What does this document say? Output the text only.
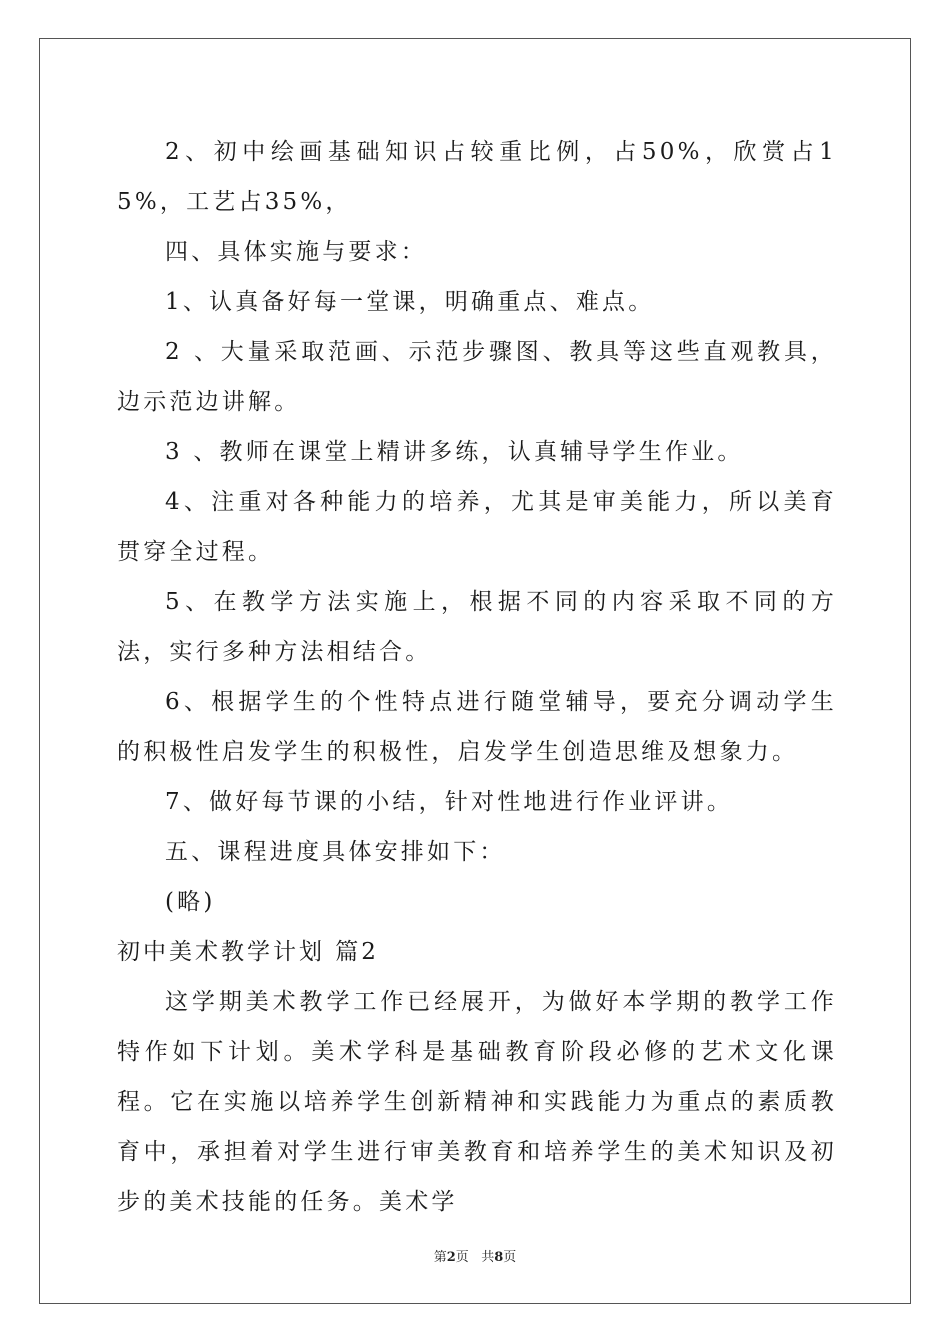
2、初中绘画基础知识占较重比例，占50%，欣赏占15%，工艺占35%，

四、具体实施与要求：

1、认真备好每一堂课，明确重点、难点。

2 、大量采取范画、示范步骤图、教具等这些直观教具，边示范边讲解。

3 、教师在课堂上精讲多练，认真辅导学生作业。

4、注重对各种能力的培养，尤其是审美能力，所以美育贯穿全过程。

5、在教学方法实施上，根据不同的内容采取不同的方法，实行多种方法相结合。

6、根据学生的个性特点进行随堂辅导，要充分调动学生的积极性启发学生的积极性，启发学生创造思维及想象力。

7、做好每节课的小结，针对性地进行作业评讲。

五、课程进度具体安排如下：

(略)

初中美术教学计划 篇2

这学期美术教学工作已经展开，为做好本学期的教学工作特作如下计划。美术学科是基础教育阶段必修的艺术文化课程。它在实施以培养学生创新精神和实践能力为重点的素质教育中，承担着对学生进行审美教育和培养学生的美术知识及初步的美术技能的任务。美术学

第2页 共8页
